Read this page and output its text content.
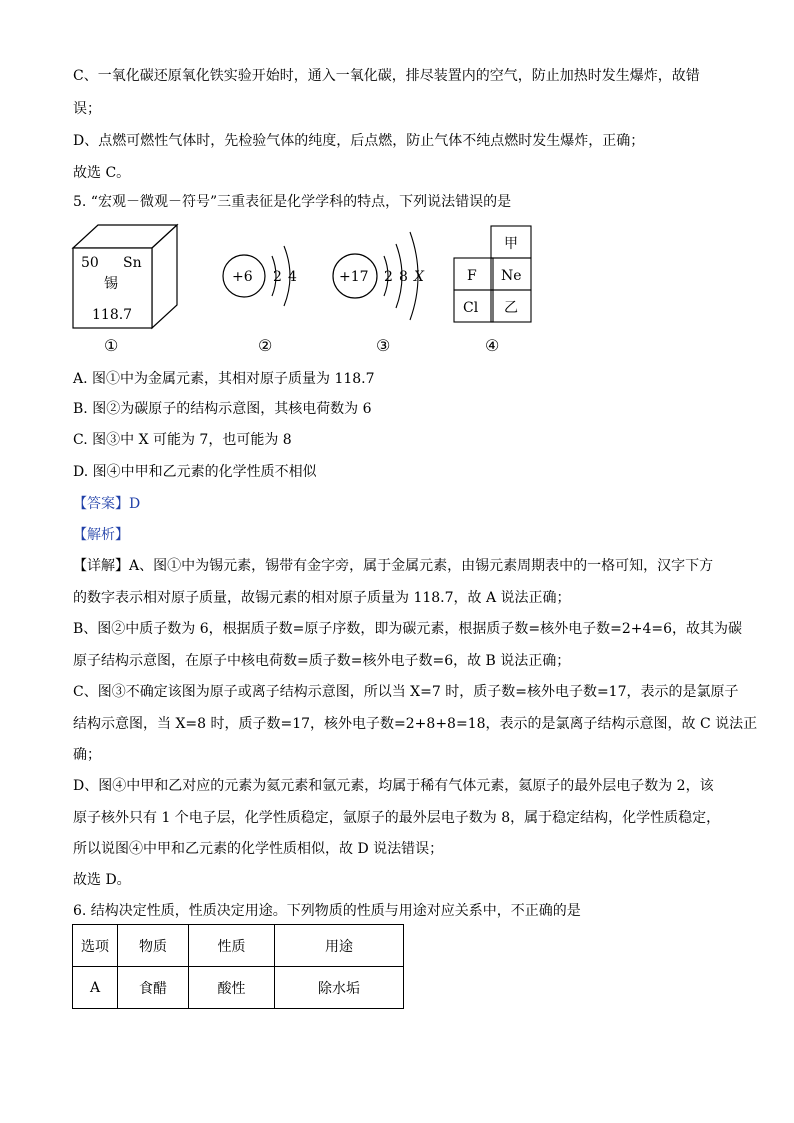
C、一氧化碳还原氧化铁实验开始时，通入一氧化碳，排尽装置内的空气，防止加热时发生爆炸，故错
误；
D、点燃可燃性气体时，先检验气体的纯度，后点燃，防止气体不纯点燃时发生爆炸，正确；
故选 C。
5. “宏观－微观－符号”三重表征是化学学科的特点，下列说法错误的是
50 Sn
锡
118.7
+6 2 4	+17 2 8 X
甲
F Ne
Cl 乙
①	②	③	④
A. 图①中为金属元素，其相对原子质量为 118.7
B. 图②为碳原子的结构示意图，其核电荷数为 6
C. 图③中 X 可能为 7，也可能为 8
D. 图④中甲和乙元素的化学性质不相似
【答案】D
【解析】
【详解】A、图①中为锡元素，锡带有金字旁，属于金属元素，由锡元素周期表中的一格可知，汉字下方
的数字表示相对原子质量，故锡元素的相对原子质量为 118.7，故 A 说法正确；
B、图②中质子数为 6，根据质子数=原子序数，即为碳元素，根据质子数=核外电子数=2+4=6，故其为碳
原子结构示意图，在原子中核电荷数=质子数=核外电子数=6，故 B 说法正确；
C、图③不确定该图为原子或离子结构示意图，所以当 X=7 时，质子数=核外电子数=17，表示的是氯原子
结构示意图，当 X=8 时，质子数=17，核外电子数=2+8+8=18，表示的是氯离子结构示意图，故 C 说法正
确；
D、图④中甲和乙对应的元素为氦元素和氩元素，均属于稀有气体元素，氦原子的最外层电子数为 2，该
原子核外只有 1 个电子层，化学性质稳定，氩原子的最外层电子数为 8，属于稳定结构，化学性质稳定，
所以说图④中甲和乙元素的化学性质相似，故 D 说法错误；
故选 D。
6. 结构决定性质，性质决定用途。下列物质的性质与用途对应关系中，不正确的是
选项	物质	性质	用途
A	食醋	酸性	除水垢
